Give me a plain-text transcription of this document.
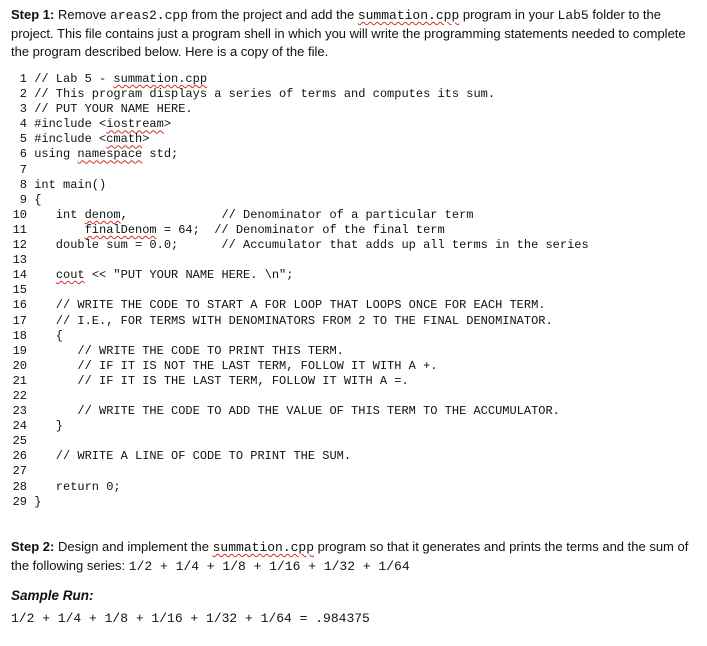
Step 1: Remove areas2.cpp from the project and add the summation.cpp program in your Lab5 folder to the project. This file contains just a program shell in which you will write the programming statements needed to complete the program described below. Here is a copy of the file.
1 // Lab 5 - summation.cpp
2 // This program displays a series of terms and computes its sum.
3 // PUT YOUR NAME HERE.
4 #include <iostream>
5 #include <cmath>
6 using namespace std;
7
8 int main()
9 {
10    int denom,             // Denominator of a particular term
11	finalDenom = 64;  // Denominator of the final term
12    double sum = 0.0;      // Accumulator that adds up all terms in the series
13
14 cout << "PUT YOUR NAME HERE. \n";
15
16    // WRITE THE CODE TO START A FOR LOOP THAT LOOPS ONCE FOR EACH TERM.
17    // I.E., FOR TERMS WITH DENOMINATORS FROM 2 TO THE FINAL DENOMINATOR.
18    {
19       // WRITE THE CODE TO PRINT THIS TERM.
20       // IF IT IS NOT THE LAST TERM, FOLLOW IT WITH A +.
21       // IF IT IS THE LAST TERM, FOLLOW IT WITH A =.
22
23       // WRITE THE CODE TO ADD THE VALUE OF THIS TERM TO THE ACCUMULATOR.
24    }
25
26    // WRITE A LINE OF CODE TO PRINT THE SUM.
27
28    return 0;
29 }
Step 2: Design and implement the summation.cpp program so that it generates and prints the terms and the sum of the following series: 1/2 + 1/4 + 1/8 + 1/16 + 1/32 + 1/64
Sample Run:
1/2 + 1/4 + 1/8 + 1/16 + 1/32 + 1/64 = .984375
